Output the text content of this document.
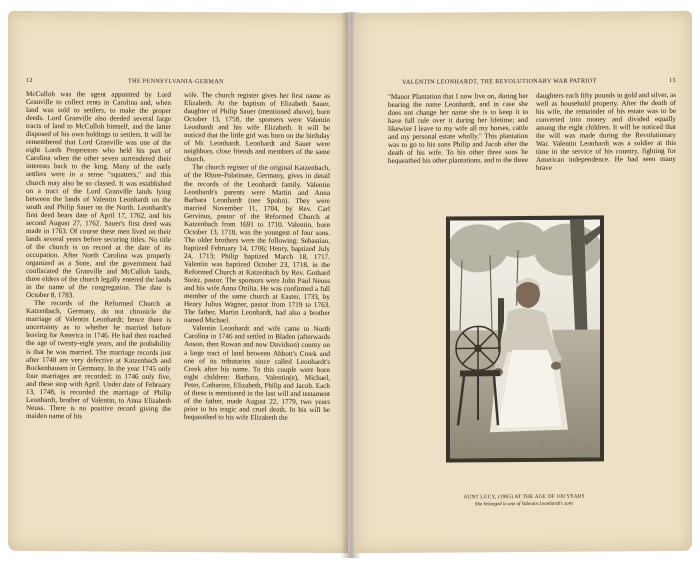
12	THE PENNSYLVANIA-GERMAN

McCulloh was the agent appointed by Lord Granville to collect rents in Carolina and, when land was sold to settlers, to make the proper deeds. Lord Granville also deeded several large tracts of land to McCulloh himself, and the latter disposed of his own holdings to settlers. It will be remembered that Lord Granville was one of the eight Lords Proprietors who held his part of Carolina when the other seven surrendered their interests back to the king. Many of the early settlers were in a sense "squatters," and this church may also be so classed. It was established on a tract of the Lord Granville lands lying between the lands of Valentin Leonhardt on the south and Philip Sauer on the North. Leonhardt's first deed bears date of April 17, 1762, and his second August 27, 1762. Sauer's first deed was made in 1763. Of course these men lived on their lands several years before securing titles. No title of the church is on record at the date of its occupation. After North Carolina was properly organized as a State, and the government had confiscated the Granville and McCulloh lands, three elders of the church legally entered the lands in the name of the congregation. The date is October 8, 1783.

The records of the Reformed Church at Katzenbach, Germany, do not chronicle the marriage of Valentin Leonhardt; hence there is uncertainty as to whether he married before leaving for America in 1746. He had then reached the age of twenty-eight years, and the probability is that he was married. The marriage records just after 1740 are very defective at Katzenbach and Rockenhausen in Germany. In the year 1745 only four marriages are recorded; in 1746 only five, and these stop with April. Under date of February 13, 1748, is recorded the marriage of Philip Leonhardt, brother of Valentin, to Anna Elizabeth Neuss. There is no positive record giving the maiden name of his

wife. The church register gives her first name as Elizabeth. At the baptism of Elizabeth Sauer, daughter of Philip Sauer (mentioned above), born October 13, 1758, the sponsers were Valentin Leonhardt and his wife Elizabeth. It will be noticed that the little girl was born on the birthday of Mr. Leonhardt. Leonhardt and Sauer were neighbors, close friends and members of the same church.

The church register of the original Katzenbach, of the Rhine-Palatinate, Germany, gives in detail the records of the Leonhardt family. Valentin Leonhardt's parents were Martin and Anna Barbara Leonhardt (nee Spohn). They were married November 11, 1704, by Rev. Carl Gervinus, pastor of the Reformed Church at Katzenbach from 1691 to 1710. Valentin, born October 13, 1718, was the youngest of four sons. The older brothers were the following: Sebastian, baptized February 14, 1706; Henry, baptized July 24, 1713; Philip baptized March 18, 1717. Valentin was baptized October 23, 1718, in the Reformed Church at Katzenbach by Rev. Gothard Steitz, pastor. The sponsors were John Paul Neuss and his wife Anna Ottilia. He was confirmed a full member of the same church at Easter, 1733, by Henry Julius Wagner, pastor from 1719 to 1763. The father, Martin Leonhardt, had also a brother named Michael.

Valentin Leonhardt and wife came to North Carolina in 1746 and settled in Bladen (afterwards Anson, then Rowan and now Davidson) county on a large tract of land between Abbott's Creek and one of its tributaries since called Leonhardt's Creek after his name. To this couple were born eight children: Barbara, Valentin(e), Michael, Peter, Catharine, Elizabeth, Philip and Jacob. Each of these is mentioned in the last will and testament of the father, made August 22, 1779, two years prior to his tragic and cruel death. In his will he bequeathed to his wife Elizabeth the

VALENTIN LEONHARDT, THE REVOLUTIONARY WAR PATRIOT	13

"Manor Plantation that I now live on, during her bearing the name Leonhardt, and in case she does not change her name she is to keep it to have full rule over it during her lifetime; and likewise I leave to my wife all my horses, cattle and my personal estate wholly." This plantation was to go to his sons Philip and Jacob after the death of his wife. To his other three sons he bequeathed his other plantations, and to the three

daughters each fifty pounds in gold and silver, as well as household property. After the death of his wife, the remainder of his estate was to be converted into money and divided equally among the eight children. It will be noticed that the will was made during the Revolutionary War. Valentin Leonhardt was a soldier at this time in the service of his country, fighting for American independence. He had seen many brave

AUNT LUCY, (1905) AT THE AGE OF 100 YEARS
She belonged to one of Valentin Leonhardt's sons
